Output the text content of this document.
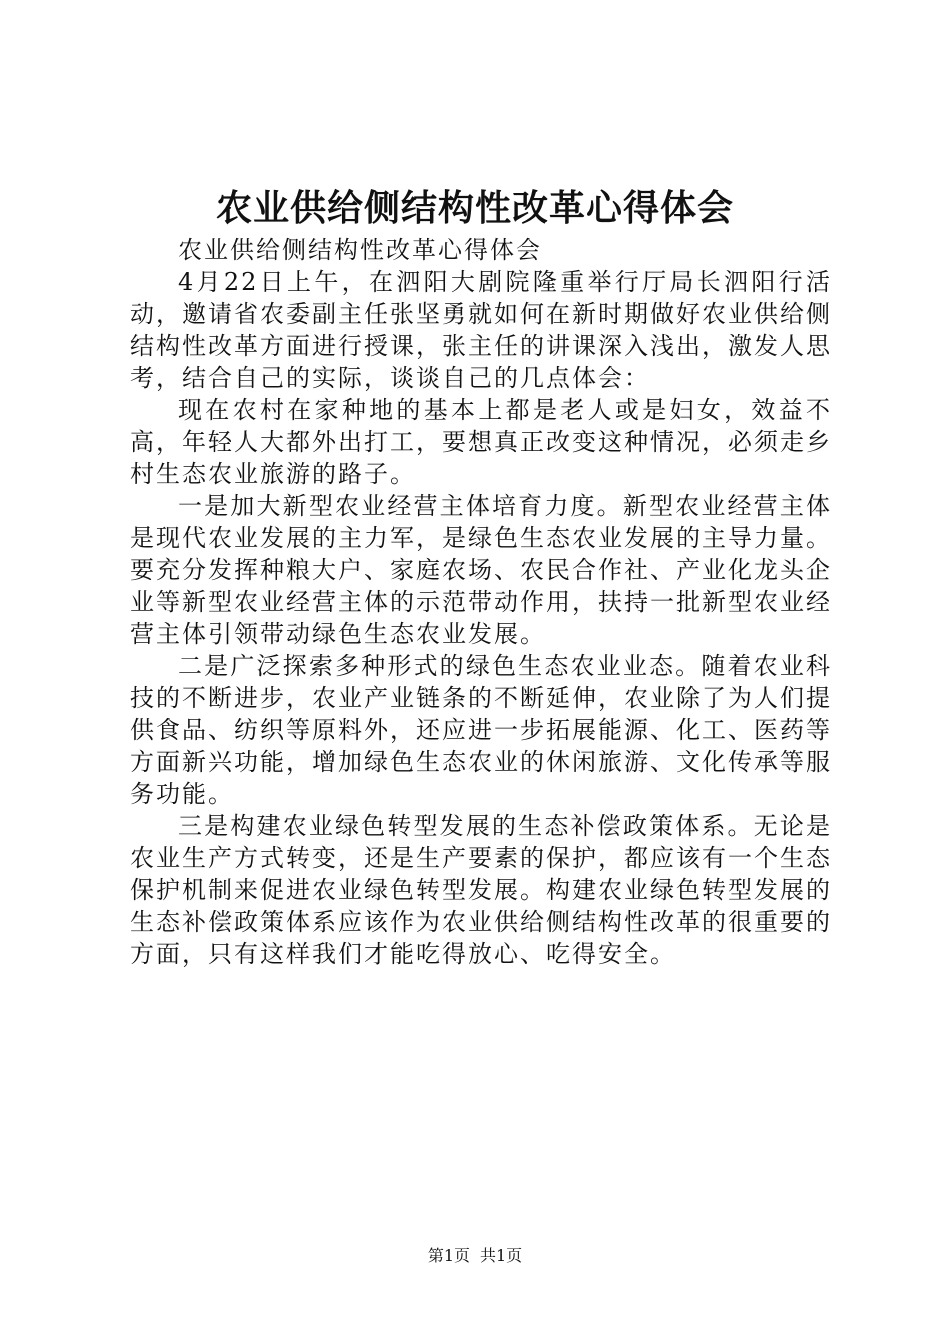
农业供给侧结构性改革心得体会

农业供给侧结构性改革心得体会

4月22日上午，在泗阳大剧院隆重举行厅局长泗阳行活动，邀请省农委副主任张坚勇就如何在新时期做好农业供给侧结构性改革方面进行授课，张主任的讲课深入浅出，激发人思考，结合自己的实际，谈谈自己的几点体会：

现在农村在家种地的基本上都是老人或是妇女，效益不高，年轻人大都外出打工，要想真正改变这种情况，必须走乡村生态农业旅游的路子。

一是加大新型农业经营主体培育力度。新型农业经营主体是现代农业发展的主力军，是绿色生态农业发展的主导力量。要充分发挥种粮大户、家庭农场、农民合作社、产业化龙头企业等新型农业经营主体的示范带动作用，扶持一批新型农业经营主体引领带动绿色生态农业发展。

二是广泛探索多种形式的绿色生态农业业态。随着农业科技的不断进步，农业产业链条的不断延伸，农业除了为人们提供食品、纺织等原料外，还应进一步拓展能源、化工、医药等方面新兴功能，增加绿色生态农业的休闲旅游、文化传承等服务功能。

三是构建农业绿色转型发展的生态补偿政策体系。无论是农业生产方式转变，还是生产要素的保护，都应该有一个生态保护机制来促进农业绿色转型发展。构建农业绿色转型发展的生态补偿政策体系应该作为农业供给侧结构性改革的很重要的方面，只有这样我们才能吃得放心、吃得安全。

第1页 共1页
